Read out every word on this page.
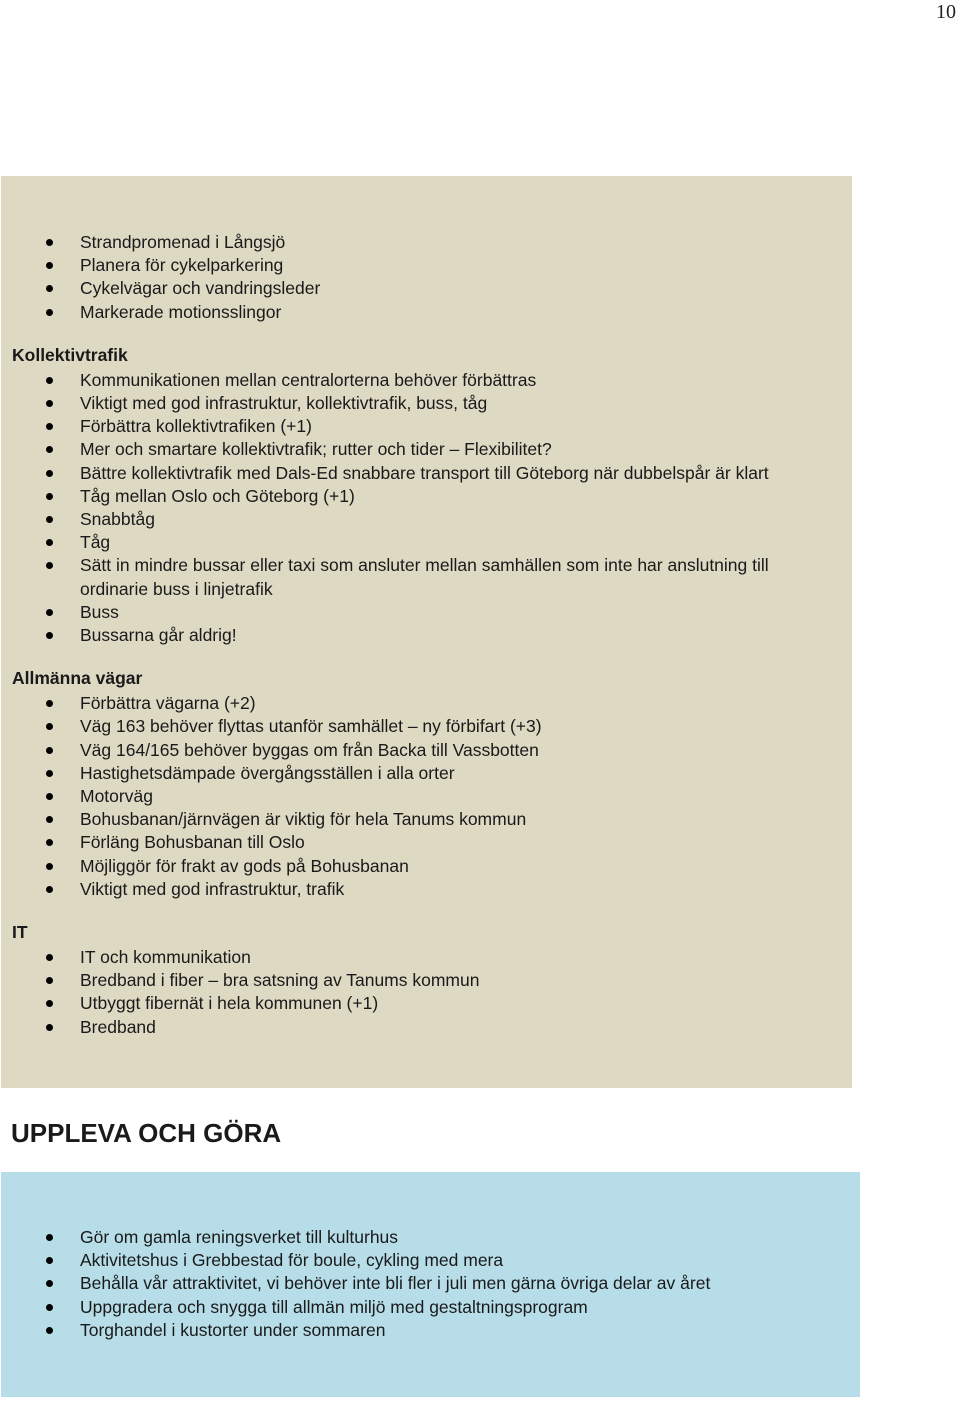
10
Strandpromenad i Långsjö
Planera för cykelparkering
Cykelvägar och vandringsleder
Markerade motionsslingor
Kollektivtrafik
Kommunikationen mellan centralorterna behöver förbättras
Viktigt med god infrastruktur, kollektivtrafik, buss, tåg
Förbättra kollektivtrafiken (+1)
Mer och smartare kollektivtrafik; rutter och tider – Flexibilitet?
Bättre kollektivtrafik med Dals-Ed snabbare transport till Göteborg när dubbelspår är klart
Tåg mellan Oslo och Göteborg (+1)
Snabbtåg
Tåg
Sätt in mindre bussar eller taxi som ansluter mellan samhällen som inte har anslutning till ordinarie buss i linjetrafik
Buss
Bussarna går aldrig!
Allmänna vägar
Förbättra vägarna (+2)
Väg 163 behöver flyttas utanför samhället – ny förbifart (+3)
Väg 164/165 behöver byggas om från Backa till Vassbotten
Hastighetsdämpade övergångsställen i alla orter
Motorväg
Bohusbanan/järnvägen är viktig för hela Tanums kommun
Förläng Bohusbanan till Oslo
Möjliggör för frakt av gods på Bohusbanan
Viktigt med god infrastruktur, trafik
IT
IT och kommunikation
Bredband i fiber – bra satsning av Tanums kommun
Utbyggt fibernät i hela kommunen (+1)
Bredband
UPPLEVA OCH GÖRA
Gör om gamla reningsverket till kulturhus
Aktivitetshus i Grebbestad för boule, cykling med mera
Behålla vår attraktivitet, vi behöver inte bli fler i juli men gärna övriga delar av året
Uppgradera och snygga till allmän miljö med gestaltningsprogram
Torghandel i kustorter under sommaren
